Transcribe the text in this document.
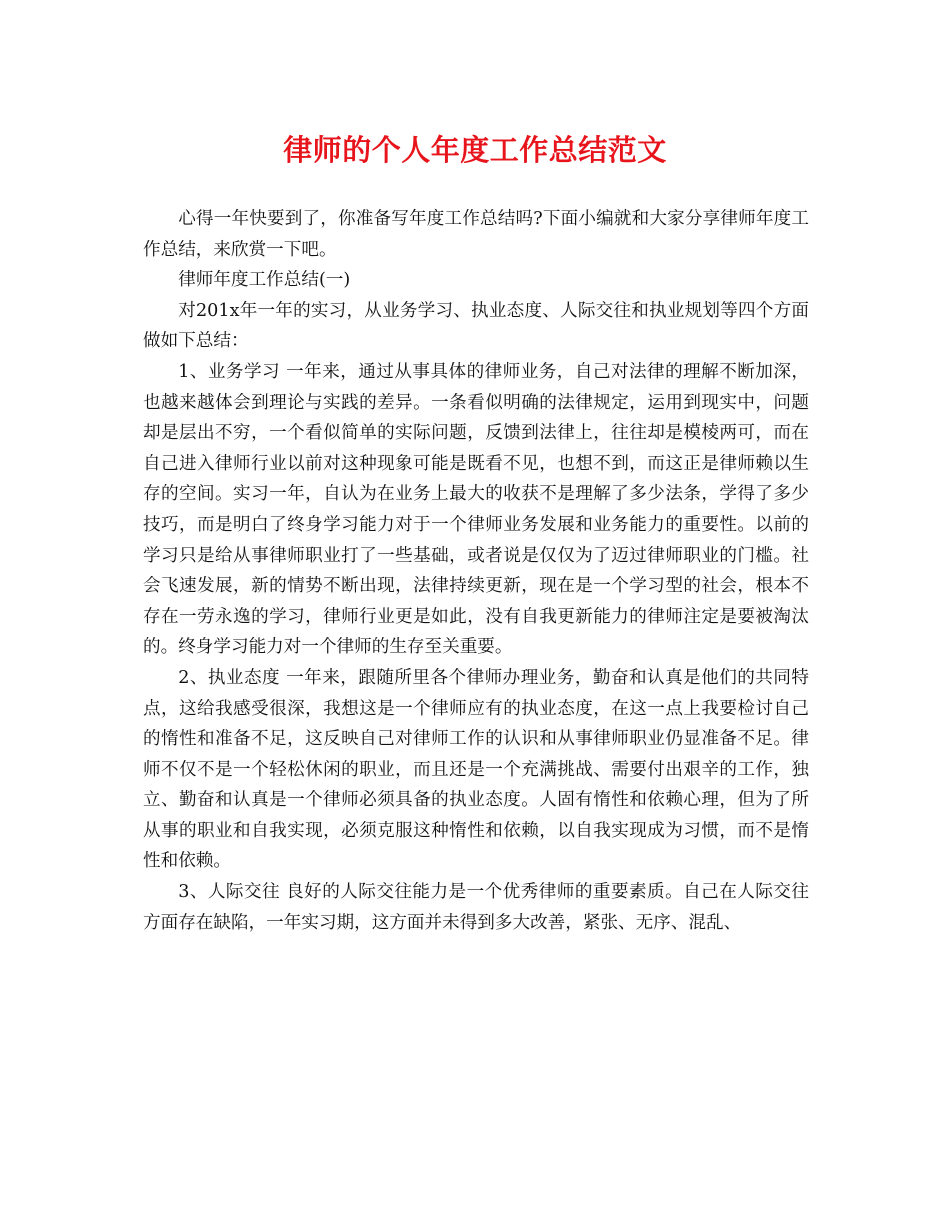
律师的个人年度工作总结范文

心得一年快要到了，你准备写年度工作总结吗?下面小编就和大家分享律师年度工作总结，来欣赏一下吧。

律师年度工作总结(一)

对201x年一年的实习，从业务学习、执业态度、人际交往和执业规划等四个方面做如下总结：

1、业务学习 一年来，通过从事具体的律师业务，自己对法律的理解不断加深，也越来越体会到理论与实践的差异。一条看似明确的法律规定，运用到现实中，问题却是层出不穷，一个看似简单的实际问题，反馈到法律上，往往却是模棱两可，而在自己进入律师行业以前对这种现象可能是既看不见，也想不到，而这正是律师赖以生存的空间。实习一年，自认为在业务上最大的收获不是理解了多少法条，学得了多少技巧，而是明白了终身学习能力对于一个律师业务发展和业务能力的重要性。以前的学习只是给从事律师职业打了一些基础，或者说是仅仅为了迈过律师职业的门槛。社会飞速发展，新的情势不断出现，法律持续更新，现在是一个学习型的社会，根本不存在一劳永逸的学习，律师行业更是如此，没有自我更新能力的律师注定是要被淘汰的。终身学习能力对一个律师的生存至关重要。

2、执业态度 一年来，跟随所里各个律师办理业务，勤奋和认真是他们的共同特点，这给我感受很深，我想这是一个律师应有的执业态度，在这一点上我要检讨自己的惰性和准备不足，这反映自己对律师工作的认识和从事律师职业仍显准备不足。律师不仅不是一个轻松休闲的职业，而且还是一个充满挑战、需要付出艰辛的工作，独立、勤奋和认真是一个律师必须具备的执业态度。人固有惰性和依赖心理，但为了所从事的职业和自我实现，必须克服这种惰性和依赖，以自我实现成为习惯，而不是惰性和依赖。

3、人际交往 良好的人际交往能力是一个优秀律师的重要素质。自己在人际交往方面存在缺陷，一年实习期，这方面并未得到多大改善，紧张、无序、混乱、
